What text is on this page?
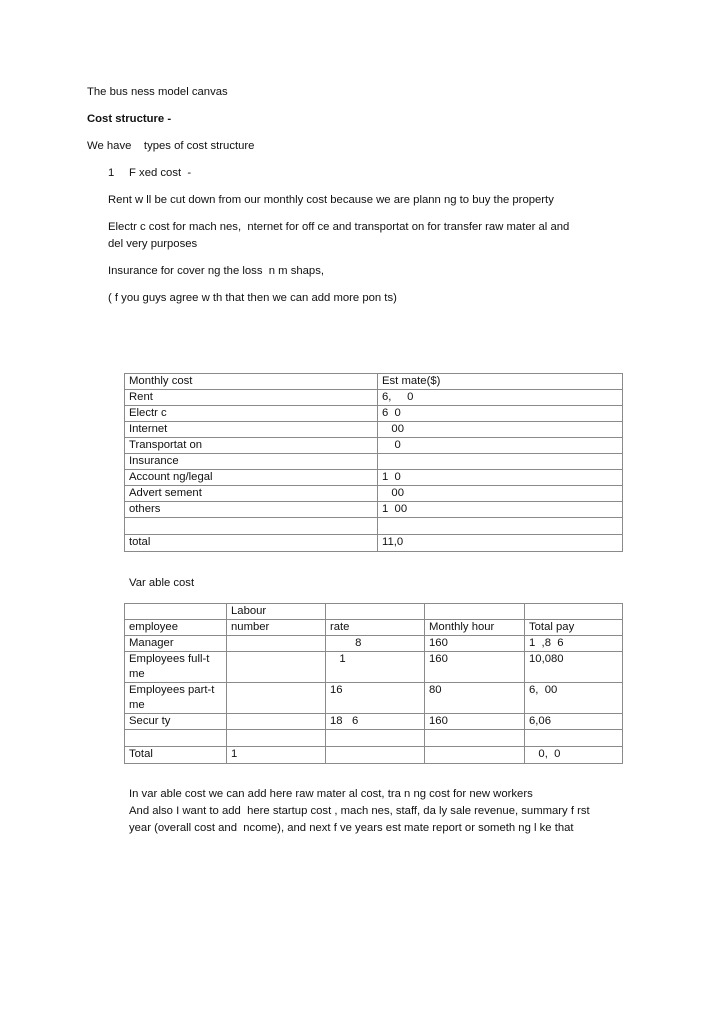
The bus ness model canvas
Cost structure -
We have    types of cost structure
1 F xed cost  -
Rent w ll be cut down from our monthly cost because we are plann ng to buy the property
Electr c cost for mach nes,  nternet for off ce and transportat on for transfer raw mater al and
del very purposes
Insurance for cover ng the loss  n m shaps,
( f you guys agree w th that then we can add more pon ts)
Monthly cost	Est mate($)
Rent	6,     0
Electr c	6  0
Internet	00
Transportat on	0
Insurance	
Account ng/legal	1  0
Advert sement	00
others	1  00

total	11,0
Var able cost
	Labour			
employee	number	rate	Monthly hour	Total pay
Manager		8	160	1  ,8  6
Employees full-t me		1	160	10,080
Employees part-t me		16	80	6,  00
Secur ty		18   6	160	6,06

Total	1			0,  0
In var able cost we can add here raw mater al cost, tra n ng cost for new workers
And also I want to add  here startup cost , mach nes, staff, da ly sale revenue, summary f rst
year (overall cost and  ncome), and next f ve years est mate report or someth ng l ke that
